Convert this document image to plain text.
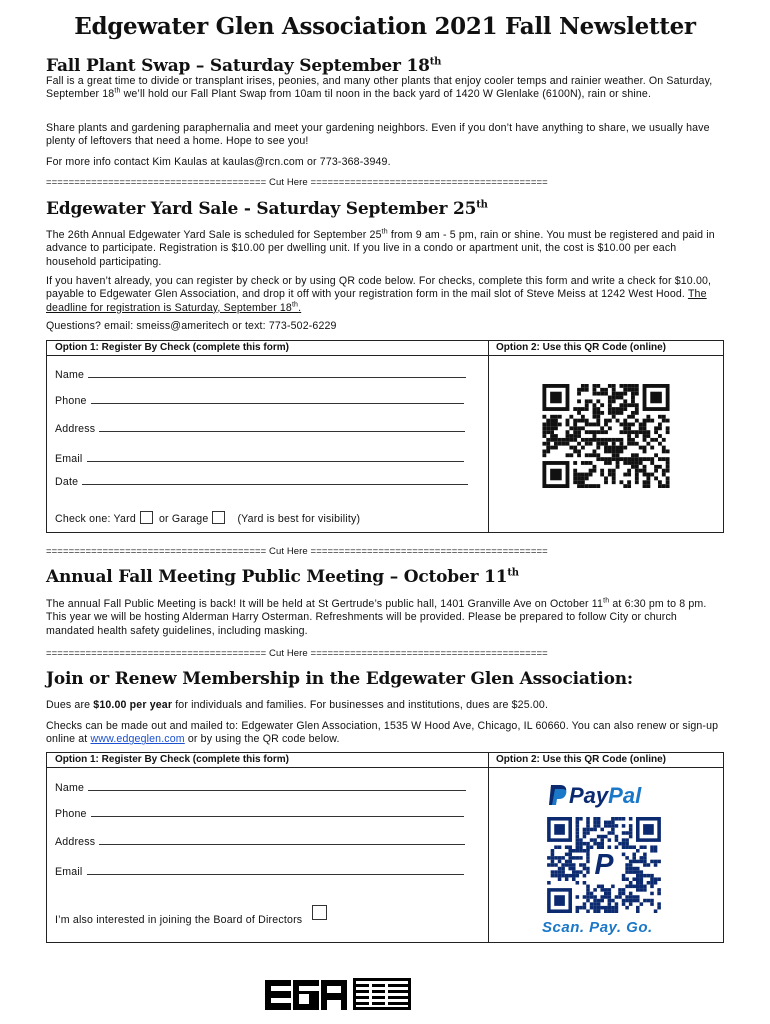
Edgewater Glen Association 2021 Fall Newsletter
Fall Plant Swap – Saturday September 18th
Fall is a great time to divide or transplant irises, peonies, and many other plants that enjoy cooler temps and rainier weather. On Saturday, September 18th we’ll hold our Fall Plant Swap from 10am til noon in the back yard of 1420 W Glenlake (6100N), rain or shine.
Share plants and gardening paraphernalia and meet your gardening neighbors. Even if you don’t have anything to share, we usually have plenty of leftovers that need a home. Hope to see you!
For more info contact Kim Kaulas at kaulas@rcn.com or 773-368-3949.
======================================= Cut Here ==========================================
Edgewater Yard Sale - Saturday September 25th
The 26th Annual Edgewater Yard Sale is scheduled for September 25th from 9 am - 5 pm, rain or shine. You must be registered and paid in advance to participate. Registration is $10.00 per dwelling unit. If you live in a condo or apartment unit, the cost is $10.00 per each household participating.
If you haven’t already, you can register by check or by using QR code below. For checks, complete this form and write a check for $10.00, payable to Edgewater Glen Association, and drop it off with your registration form in the mail slot of Steve Meiss at 1242 West Hood. The deadline for registration is Saturday, September 18th.
Questions? email: smeiss@ameritech or text: 773-502-6229
Option 1: Register By Check (complete this form)	Option 2: Use this QR Code (online)
Name
Phone
Address
Email
Date
Check one: Yard or Garage	(Yard is best for visibility)
======================================= Cut Here ==========================================
Annual Fall Meeting Public Meeting – October 11th
The annual Fall Public Meeting is back! It will be held at St Gertrude’s public hall, 1401 Granville Ave on October 11th at 6:30 pm to 8 pm. This year we will be hosting Alderman Harry Osterman. Refreshments will be provided. Please be prepared to follow City or church mandated health safety guidelines, including masking.
======================================= Cut Here ==========================================
Join or Renew Membership in the Edgewater Glen Association:
Dues are $10.00 per year for individuals and families. For businesses and institutions, dues are $25.00.
Checks can be made out and mailed to: Edgewater Glen Association, 1535 W Hood Ave, Chicago, IL 60660. You can also renew or sign-up online at www.edgeglen.com or by using the QR code below.
Option 1: Register By Check (complete this form)	Option 2: Use this QR Code (online)
Name
Phone
Address
Email
I’m also interested in joining the Board of Directors
PayPal
P
Scan. Pay. Go.
